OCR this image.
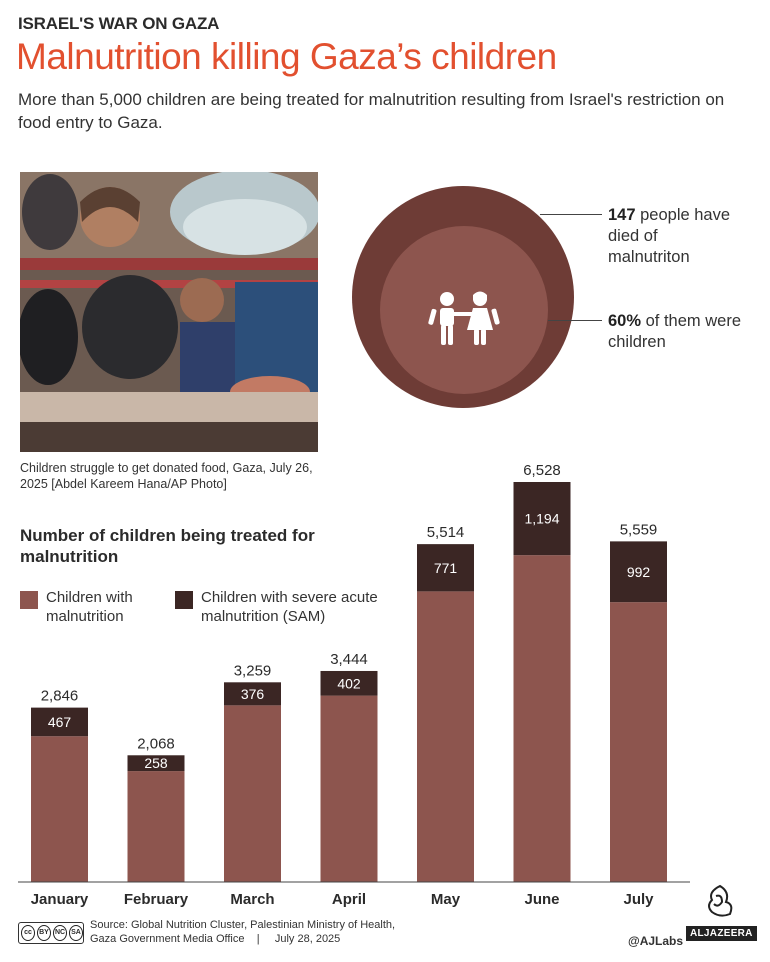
ISRAEL'S WAR ON GAZA
Malnutrition killing Gaza’s children
More than 5,000 children are being treated for malnutrition resulting from Israel's restriction on food entry to Gaza.
Children struggle to get donated food, Gaza, July 26, 2025 [Abdel Kareem Hana/AP Photo]
147 people have died of malnutriton
60% of them were children
Number of children being treated for malnutrition
Children with malnutrition
Children with severe acute malnutrition (SAM)
467
2,846
January
258
2,068
February
376
3,259
March
402
3,444
April
771
5,514
May
1,194
6,528
June
992
5,559
July
cc	BY NC SA
Source: Global Nutrition Cluster, Palestinian Ministry of Health,
Gaza Government Media Office | July 28, 2025	@AJLabs
ALJAZEERA
